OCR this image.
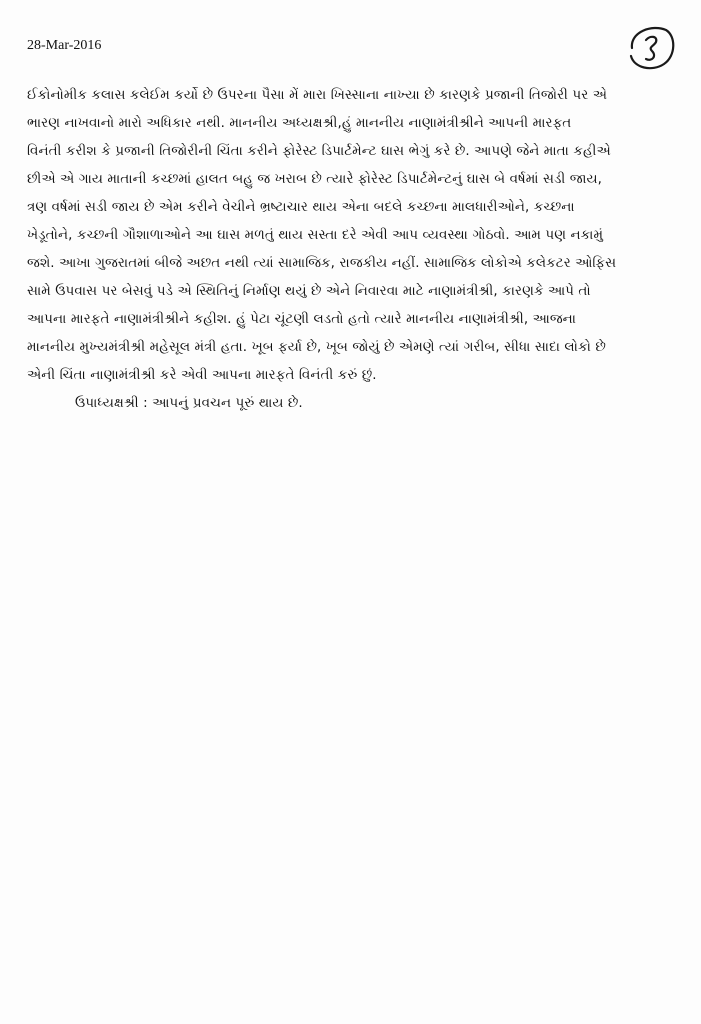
28-Mar-2016
ઈકોનોમીક કલાસ કલેઈમ કર્યો છે ઉપરના પૈસા મેં મારા ખિસ્સાના નાખ્યા છે કારણકે પ્રજાની તિજોરી પર એ
ભારણ નાખવાનો મારો અધિકાર નથી. માનનીય અધ્યક્ષશ્રી,હું માનનીય નાણામંત્રીશ્રીને આપની મારફત
વિનંતી કરીશ કે પ્રજાની તિજોરીની ચિંતા કરીને ફોરેસ્ટ ડિપાર્ટમેન્ટ ઘાસ ભેગું કરે છે. આપણે જેને માતા કહીએ
છીએ એ ગાય માતાની કચ્છમાં હાલત બહુ જ ખરાબ છે ત્યારે ફોરેસ્ટ ડિપાર્ટમેન્ટનું ઘાસ બે વર્ષમાં સડી જાય,
ત્રણ વર્ષમાં સડી જાય છે એમ કરીને વેચીને ભ્રષ્ટાચાર થાય એના બદલે કચ્છના માલધારીઓને, કચ્છના
ખેડૂતોને, કચ્છની ગૌશાળાઓને આ ઘાસ મળતું થાય સસ્તા દરે એવી આપ વ્યવસ્થા ગોઠવો. આમ પણ નકામું
જશે. આખા ગુજરાતમાં બીજે અછત નથી ત્યાં સામાજિક, રાજકીય નહીં. સામાજિક લોકોએ કલેકટર ઓફિસ
સામે ઉપવાસ પર બેસવું પડે એ સ્થિતિનું નિર્માણ થયું છે એને નિવારવા માટે નાણામંત્રીશ્રી, કારણકે આપે તો
આપના મારફતે નાણામંત્રીશ્રીને કહીશ. હું પેટા ચૂંટણી લડતો હતો ત્યારે માનનીય નાણામંત્રીશ્રી, આજના
માનનીય મુખ્યમંત્રીશ્રી મહેસૂલ મંત્રી હતા. ખૂબ ફર્યા છે, ખૂબ જોયું છે એમણે ત્યાં ગરીબ, સીધા સાદા લોકો છે
એની ચિંતા નાણામંત્રીશ્રી કરે એવી આપના મારફતે વિનંતી કરું છું.
ઉપાધ્યક્ષશ્રી : આપનું પ્રવચન પૂરું થાય છે.
